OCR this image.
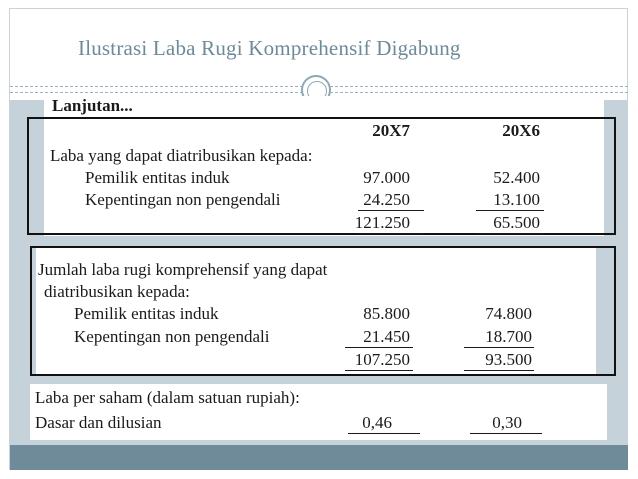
Ilustrasi Laba Rugi Komprehensif Digabung
Lanjutan...
20X7	20X6
Laba yang dapat diatribusikan kepada:
Pemilik entitas induk	97.000	52.400
Kepentingan non pengendali	24.250	13.100
121.250	65.500
Jumlah laba rugi komprehensif yang dapat
diatribusikan kepada:
Pemilik entitas induk	85.800	74.800
Kepentingan non pengendali	21.450	18.700
107.250	93.500
Laba per saham (dalam satuan rupiah):
Dasar dan dilusian	0,46	0,30
